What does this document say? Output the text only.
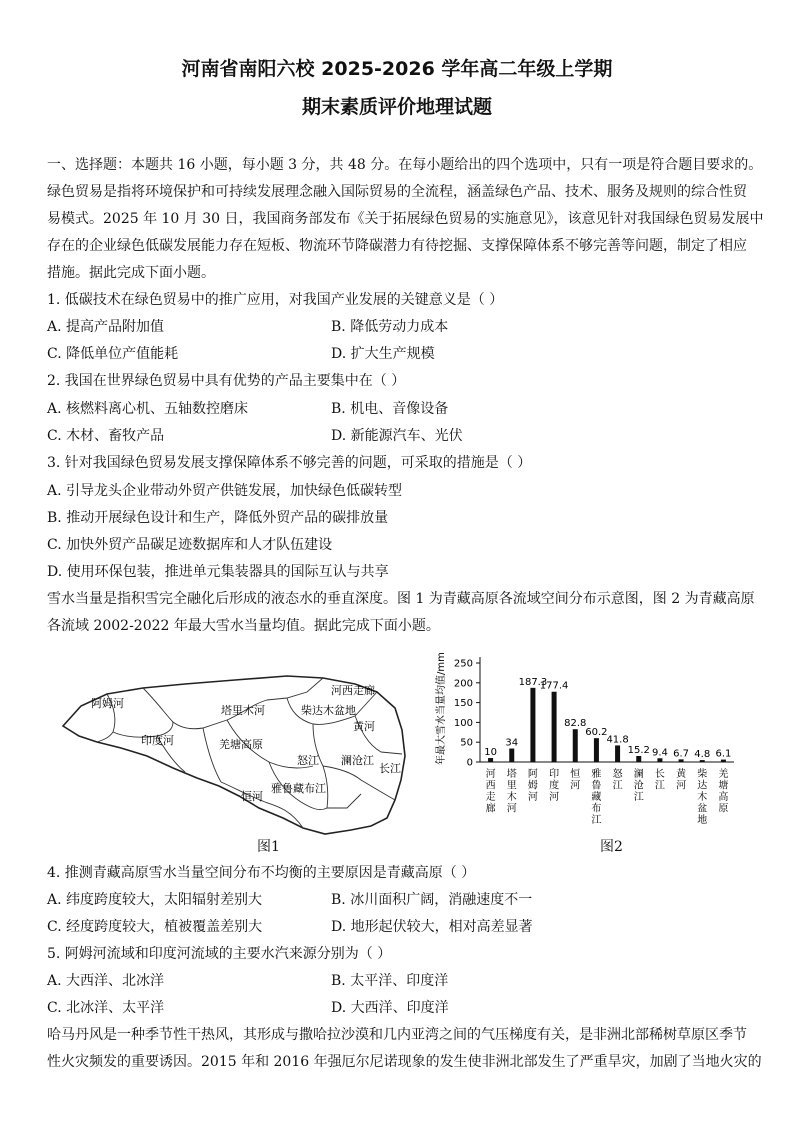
河南省南阳六校 2025-2026 学年高二年级上学期
期末素质评价地理试题
一、选择题：本题共 16 小题，每小题 3 分，共 48 分。在每小题给出的四个选项中，只有一项是符合题目要求的。
绿色贸易是指将环境保护和可持续发展理念融入国际贸易的全流程，涵盖绿色产品、技术、服务及规则的综合性贸
易模式。2025 年 10 月 30 日，我国商务部发布《关于拓展绿色贸易的实施意见》，该意见针对我国绿色贸易发展中
存在的企业绿色低碳发展能力存在短板、物流环节降碳潜力有待挖掘、支撑保障体系不够完善等问题，制定了相应
措施。据此完成下面小题。
1. 低碳技术在绿色贸易中的推广应用，对我国产业发展的关键意义是（ ）
A. 提高产品附加值	B. 降低劳动力成本
C. 降低单位产值能耗	D. 扩大生产规模
2. 我国在世界绿色贸易中具有优势的产品主要集中在（ ）
A. 核燃料离心机、五轴数控磨床	B. 机电、音像设备
C. 木材、畜牧产品	D. 新能源汽车、光伏
3. 针对我国绿色贸易发展支撑保障体系不够完善的问题，可采取的措施是（ ）
A. 引导龙头企业带动外贸产供链发展，加快绿色低碳转型
B. 推动开展绿色设计和生产，降低外贸产品的碳排放量
C. 加快外贸产品碳足迹数据库和人才队伍建设
D. 使用环保包装，推进单元集装器具的国际互认与共享
雪水当量是指积雪完全融化后形成的液态水的垂直深度。图 1 为青藏高原各流域空间分布示意图，图 2 为青藏高原
各流域 2002-2022 年最大雪水当量均值。据此完成下面小题。
阿姆河
塔里木河
河西走廊
柴达木盆地
印度河	羌塘高原
黄河
怒江 澜沧江
长江
雅鲁藏布江
恒河
图1
年最大雪水当量均值/mm 0
50
100
150
200
250
10
河西走廊
34
塔里木河
187.3
阿姆河
177.4
印度河
82.8
恒河
60.2
雅鲁藏布江
41.8
怒江
15.2
澜沧江
9.4
长江
6.7
黄河
4.8
柴达木盆地
6.1
羌塘高原
图2
4. 推测青藏高原雪水当量空间分布不均衡的主要原因是青藏高原（ ）
A. 纬度跨度较大，太阳辐射差别大	B. 冰川面积广阔，消融速度不一
C. 经度跨度较大，植被覆盖差别大	D. 地形起伏较大，相对高差显著
5. 阿姆河流域和印度河流域的主要水汽来源分别为（ ）
A. 大西洋、北冰洋	B. 太平洋、印度洋
C. 北冰洋、太平洋	D. 大西洋、印度洋
哈马丹风是一种季节性干热风，其形成与撒哈拉沙漠和几内亚湾之间的气压梯度有关，是非洲北部稀树草原区季节
性火灾频发的重要诱因。2015 年和 2016 年强厄尔尼诺现象的发生使非洲北部发生了严重旱灾，加剧了当地火灾的
